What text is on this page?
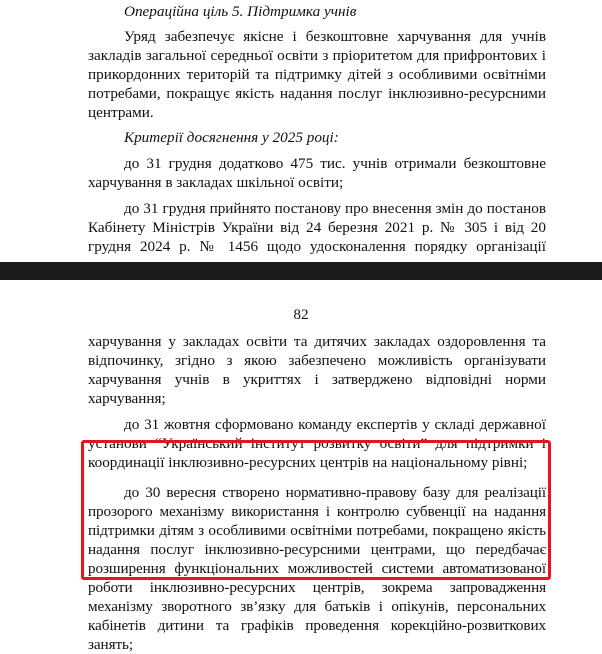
Операційна ціль 5. Підтримка учнів

Уряд забезпечує якісне і безкоштовне харчування для учнів закладів загальної середньої освіти з пріоритетом для прифронтових і прикордонних територій та підтримку дітей з особливими освітніми потребами, покращує якість надання послуг інклюзивно-ресурсними центрами.

Критерії досягнення у 2025 році:

до 31 грудня додатково 475 тис. учнів отримали безкоштовне харчування в закладах шкільної освіти;

до 31 грудня прийнято постанову про внесення змін до постанов Кабінету Міністрів України від 24 березня 2021 р. № 305 і від 20 грудня 2024 р. № 1456 щодо удосконалення порядку організації

82

харчування у закладах освіти та дитячих закладах оздоровлення та відпочинку, згідно з якою забезпечено можливість організувати харчування учнів в укриттях і затверджено відповідні норми харчування;

до 31 жовтня сформовано команду експертів у складі державної установи “Український інститут розвитку освіти” для підтримки і координації інклюзивно-ресурсних центрів на національному рівні;

до 30 вересня створено нормативно-правову базу для реалізації прозорого механізму використання і контролю субвенції на надання підтримки дітям з особливими освітніми потребами, покращено якість надання послуг інклюзивно-ресурсними центрами, що передбачає розширення функціональних можливостей системи автоматизованої роботи інклюзивно-ресурсних центрів, зокрема запровадження механізму зворотного зв’язку для батьків і опікунів, персональних кабінетів дитини та графіків проведення корекційно-розвиткових занять;
